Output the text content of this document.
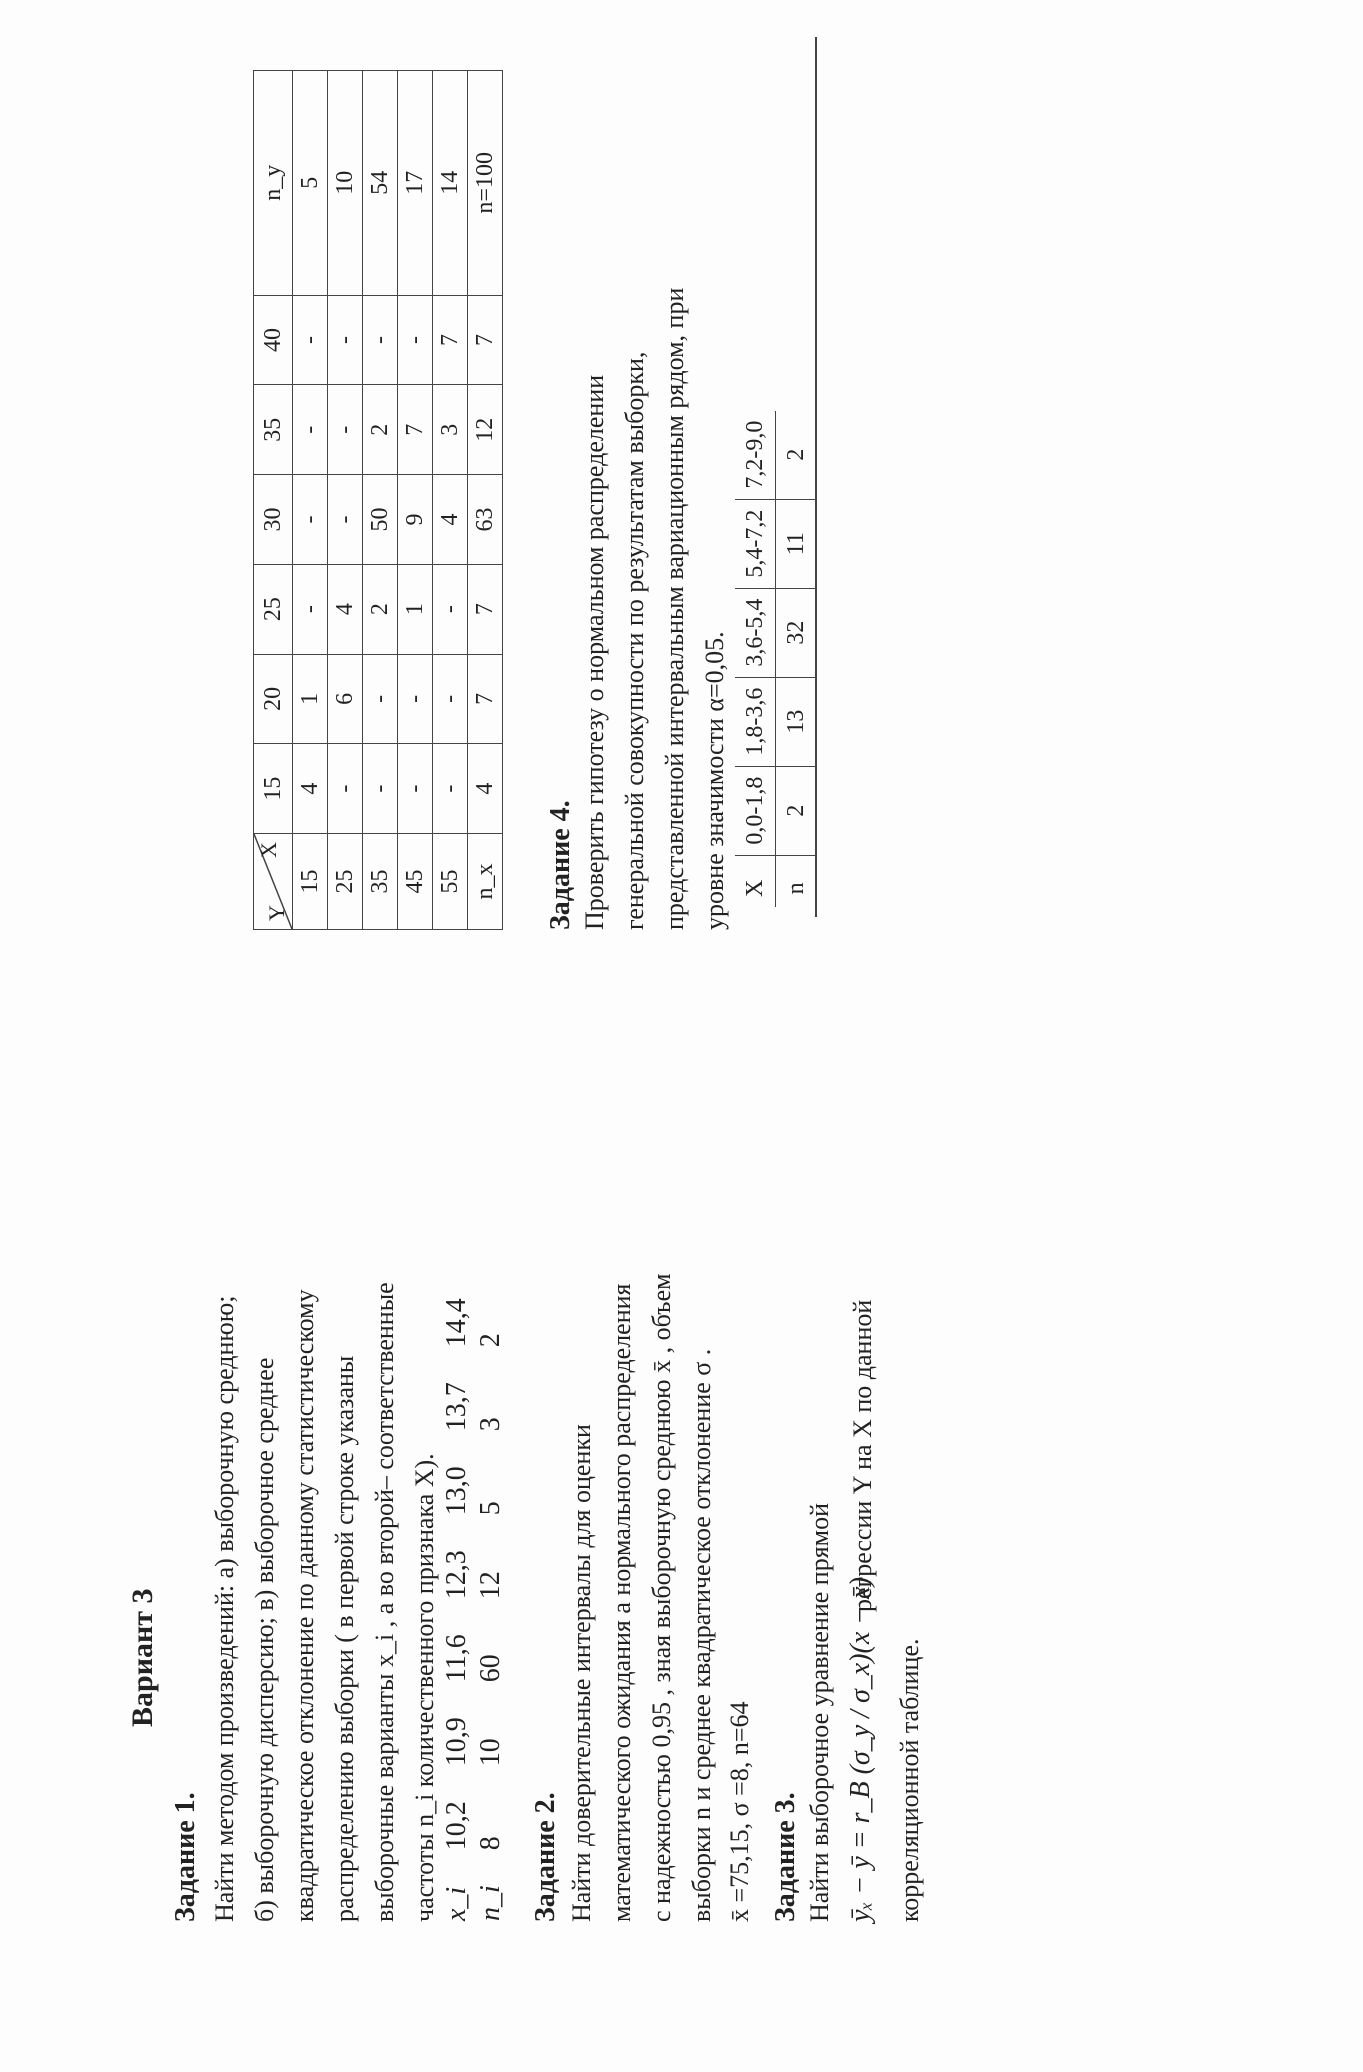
Вариант 3
Задание 1. Найти методом произведений: а) выборочную среднюю; б) выборочную дисперсию; в) выборочное среднее квадратическое отклонение по данному статистическому распределению выборки ( в первой строке указаны выборочные варианты x_i , а во второй– соответственные частоты n_i количественного признака X). x_i	10,2	10,9	11,6	12,3	13,0	13,7	14,4
n_i	8	10	60	12	5	3	2
Задание 2. Найти доверительные интервалы для оценки математического ожидания a нормального распределения с надежностью 0,95 , зная выборочную среднюю x̄ , объем выборки n и среднее квадратическое отклонение σ . x̄ =75,15, σ =8, n=64 Задание 3. Найти выборочное уравнение прямой ȳₓ − ȳ = r_B (σ_y / σ_x)(x − x̄)
регрессии Y на X по данной
корреляционной таблице.
X
Y	15	20	25	30	35	40	n_y
15	4	1	-	-	-	-	5
25	-	6	4	-	-	-	10
35	-	-	2	50	2	-	54
45	-	-	1	9	7	-	17
55	-	-	-	4	3	7	14
n_x	4	7	7	63	12	7	n=100
Задание 4. Проверить гипотезу о нормальном распределении генеральной совокупности по результатам выборки, представленной интервальным вариационным рядом, при уровне значимости α=0,05. X	0,0-1,8	1,8-3,6	3,6-5,4	5,4-7,2	7,2-9,0
n	2	13	32	11	2
